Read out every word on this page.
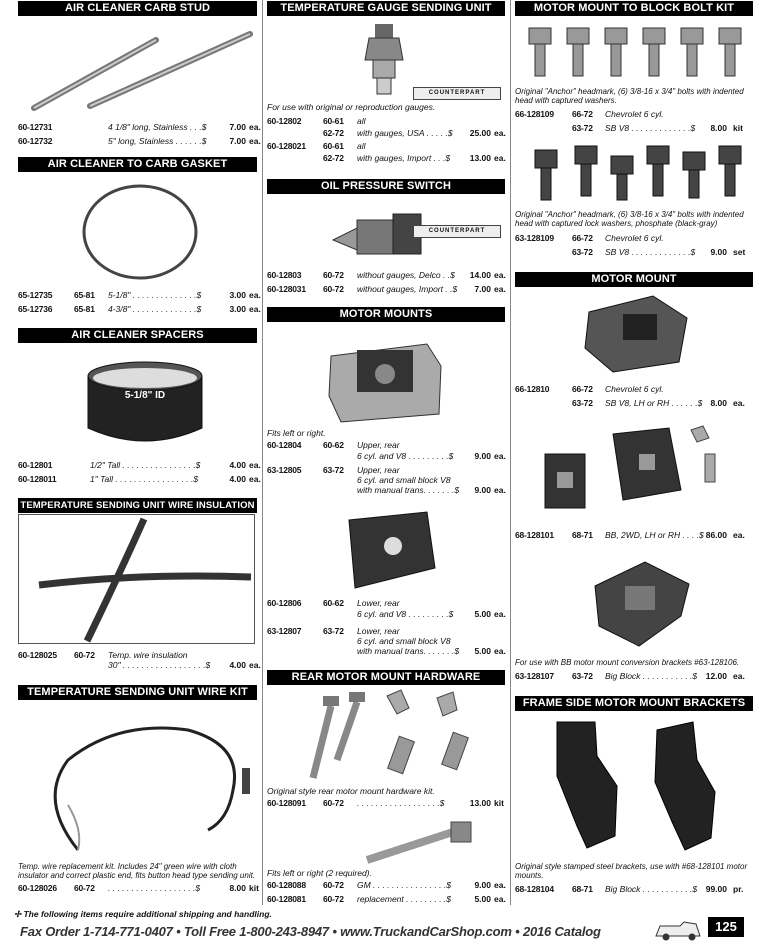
AIR CLEANER CARB STUD
60-12731	4 1/8" long, Stainless . . .$	7.00 ea.
60-12732	5" long, Stainless . . . . . .$	7.00 ea.
AIR CLEANER TO CARB GASKET
65-12735	65-81 5-1/8" . . . . . . . . . . . . . .$	3.00 ea.
65-12736	65-81 4-3/8" . . . . . . . . . . . . . .$	3.00 ea.
AIR CLEANER SPACERS
5-1/8" ID
60-12801	1/2" Tall . . . . . . . . . . . . . . . .$	4.00 ea.
60-128011	1" Tall . . . . . . . . . . . . . . . . .$	4.00 ea.
TEMPERATURE SENDING UNIT WIRE INSULATION
60-128025 60-72 Temp. wire insulation
30" . . . . . . . . . . . . . . . . . .$	4.00 ea.
TEMPERATURE SENDING UNIT WIRE KIT
Temp. wire replacement kit. Includes 24" green wire with cloth insulator and correct plastic end, fits button head type sending unit.
60-128026 60-72 . . . . . . . . . . . . . . . . . . .$	8.00 kit
TEMPERATURE GAUGE SENDING UNIT
For use with original or reproduction gauges.
60-12802	60-61 all
62-72 with gauges, USA . . . . .$	25.00 ea.
60-128021 60-61 all
62-72 with gauges, Import . . .$	13.00 ea.
OIL PRESSURE SWITCH
60-12803	60-72 without gauges, Delco . .$	14.00 ea.
60-128031 60-72 without gauges, Import . .$	7.00 ea.
MOTOR MOUNTS
Fits left or right.
60-12804	60-62 Upper, rear
6 cyl. and V8 . . . . . . . . .$	9.00 ea.
63-12805	63-72 Upper, rear
6 cyl. and small block V8
with manual trans. . . . . . .$	9.00 ea.
60-12806	60-62 Lower, rear
6 cyl. and V8 . . . . . . . . .$	5.00 ea.
63-12807	63-72 Lower, rear
6 cyl. and small block V8
with manual trans. . . . . . .$	5.00 ea.
REAR MOTOR MOUNT HARDWARE
Original style rear motor mount hardware kit.
60-128091 60-72 . . . . . . . . . . . . . . . . . .$	13.00 kit
Fits left or right (2 required).
60-128088 60-72 GM . . . . . . . . . . . . . . . .$	9.00 ea.
60-128081 60-72 replacement . . . . . . . . .$	5.00 ea.
COUNTERPART
COUNTERPART
MOTOR MOUNT TO BLOCK BOLT KIT
Original "Anchor" headmark, (6) 3/8-16 x 3/4" bolts with indented head with captured washers.
66-128109 66-72 Chevrolet 6 cyl.
63-72 SB V8 . . . . . . . . . . . . .$	8.00 kit
Original "Anchor" headmark, (6) 3/8-16 x 3/4" bolts with indented head with captured lock washers, phosphate (black-gray)
63-128109 66-72 Chevrolet 6 cyl.
63-72 SB V8 . . . . . . . . . . . . .$	9.00 set
MOTOR MOUNT
66-12810	66-72 Chevrolet 6 cyl.
63-72 SB V8, LH or RH . . . . . .$ 8.00 ea.
68-128101 68-71 BB, 2WD, LH or RH . . . .$ 86.00 ea.
For use with BB motor mount conversion brackets #63-128106.
63-128107 63-72 Big Block . . . . . . . . . . .$	12.00 ea.
FRAME SIDE MOTOR MOUNT BRACKETS
Original style stamped steel brackets, use with #68-128101 motor mounts.
68-128104 68-71 Big Block . . . . . . . . . . .$	99.00 pr.
✢ The following items require additional shipping and handling.
Fax Order 1-714-771-0407 • Toll Free 1-800-243-8947 • www.TruckandCarShop.com • 2016 Catalog	125
